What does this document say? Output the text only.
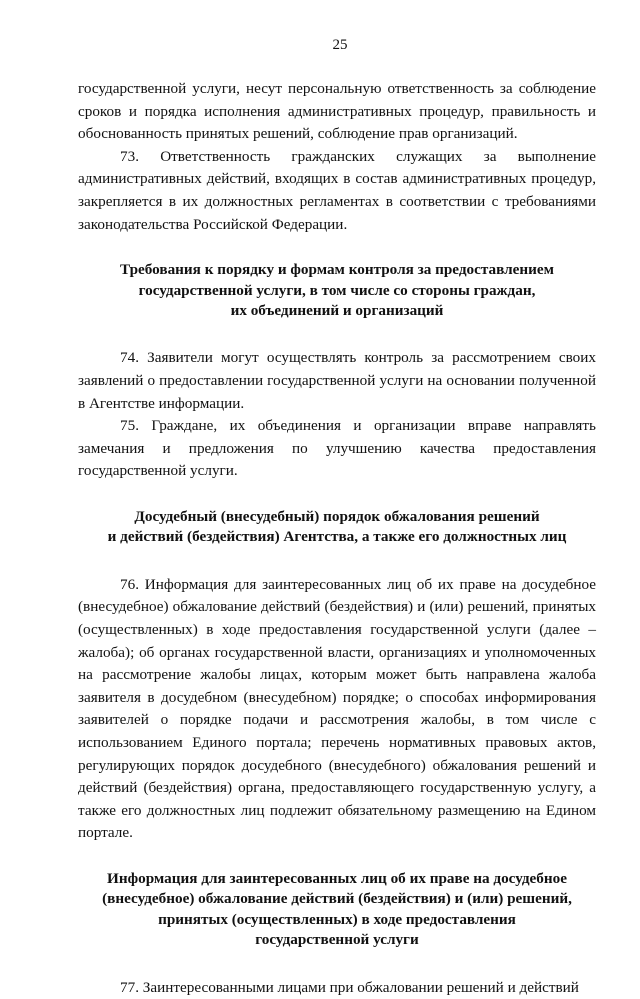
25

государственной услуги, несут персональную ответственность за соблюдение сроков и порядка исполнения административных процедур, правильность и обоснованность принятых решений, соблюдение прав организаций.

73. Ответственность гражданских служащих за выполнение административных действий, входящих в состав административных процедур, закрепляется в их должностных регламентах в соответствии с требованиями законодательства Российской Федерации.

Требования к порядку и формам контроля за предоставлением
государственной услуги, в том числе со стороны граждан,
их объединений и организаций

74. Заявители могут осуществлять контроль за рассмотрением своих заявлений о предоставлении государственной услуги на основании полученной в Агентстве информации.

75. Граждане, их объединения и организации вправе направлять замечания и предложения по улучшению качества предоставления государственной услуги.

Досудебный (внесудебный) порядок обжалования решений
и действий (бездействия) Агентства, а также его должностных лиц

76. Информация для заинтересованных лиц об их праве на досудебное (внесудебное) обжалование действий (бездействия) и (или) решений, принятых (осуществленных) в ходе предоставления государственной услуги (далее – жалоба); об органах государственной власти, организациях и уполномоченных на рассмотрение жалобы лицах, которым может быть направлена жалоба заявителя в досудебном (внесудебном) порядке; о способах информирования заявителей о порядке подачи и рассмотрения жалобы, в том числе с использованием Единого портала; перечень нормативных правовых актов, регулирующих порядок досудебного (внесудебного) обжалования решений и действий (бездействия) органа, предоставляющего государственную услугу, а также его должностных лиц подлежит обязательному размещению на Едином портале.

Информация для заинтересованных лиц об их праве на досудебное
(внесудебное) обжалование действий (бездействия) и (или) решений,
принятых (осуществленных) в ходе предоставления
государственной услуги

77. Заинтересованными лицами при обжаловании решений и действий
